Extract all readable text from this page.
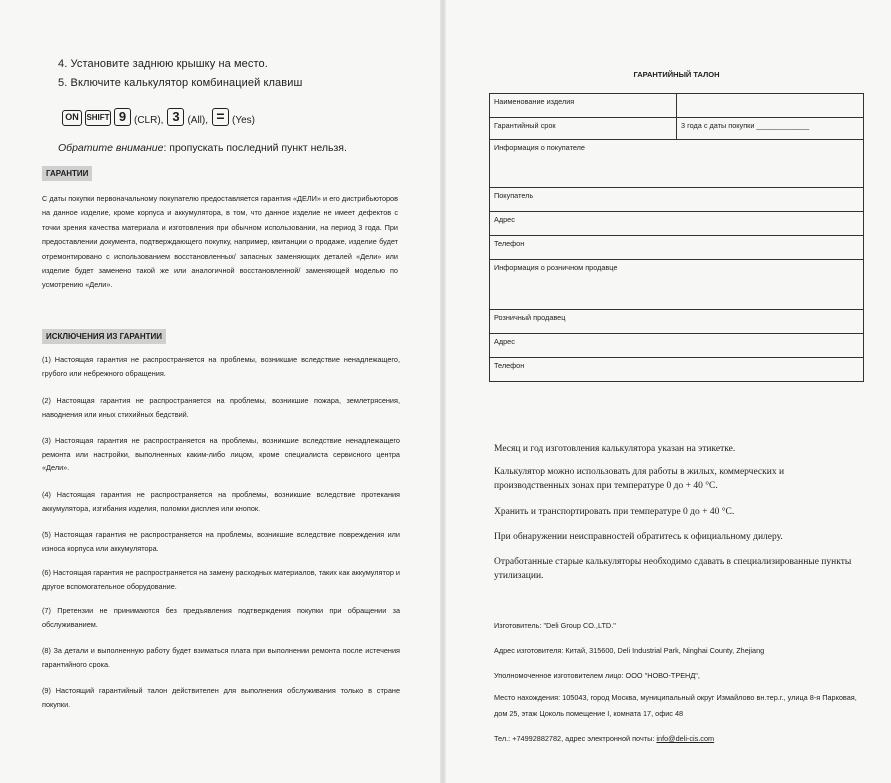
4. Установите заднюю крышку на место.
5. Включите калькулятор комбинацией клавиш
ON SHIFT 9 (CLR), 3 (All), = (Yes)
Обратите внимание: пропускать последний пункт нельзя.
ГАРАНТИИ
С даты покупки первоначальному покупателю предоставляется гарантия «ДЕЛИ» и его дистрибьюторов на данное изделие, кроме корпуса и аккумулятора, в том, что данное изделие не имеет дефектов с точки зрения качества материала и изготовления при обычном использовании, на период 3 года. При предоставлении документа, подтверждающего покупку, например, квитанции о продаже, изделие будет отремонтировано с использованием восстановленных/ запасных заменяющих деталей «Дели» или изделие будет заменено такой же или аналогичной восстановленной/ заменяющей моделью по усмотрению «Дели».
ИСКЛЮЧЕНИЯ ИЗ ГАРАНТИИ
(1) Настоящая гарантия не распространяется на проблемы, возникшие вследствие ненадлежащего, грубого или небрежного обращения.
(2) Настоящая гарантия не распространяется на проблемы, возникшие пожара, землетрясения, наводнения или иных стихийных бедствий.
(3) Настоящая гарантия не распространяется на проблемы, возникшие вследствие ненадлежащего ремонта или настройки, выполненных каким-либо лицом, кроме специалиста сервисного центра «Дели».
(4) Настоящая гарантия не распространяется на проблемы, возникшие вследствие протекания аккумулятора, изгибания изделия, поломки дисплея или кнопок.
(5) Настоящая гарантия не распространяется на проблемы, возникшие вследствие повреждения или износа корпуса или аккумулятора.
(6) Настоящая гарантия не распространяется на замену расходных материалов, таких как аккумулятор и другое вспомогательное оборудование.
(7) Претензии не принимаются без предъявления подтверждения покупки при обращении за обслуживанием.
(8) За детали и выполненную работу будет взиматься плата при выполнении ремонта после истечения гарантийного срока.
(9) Настоящий гарантийный талон действителен для выполнения обслуживания только в стране покупки.
ГАРАНТИЙНЫЙ ТАЛОН
Наименование изделия	
Гарантийный срок	3 года с даты покупки _____________
Информация о покупателе	
Покупатель	
Адрес	
Телефон	
Информация о розничном продавце	
Розничный продавец	
Адрес	
Телефон	
Месяц и год изготовления калькулятора указан на этикетке.
Калькулятор можно использовать для работы в жилых, коммерческих и производственных зонах при температуре 0 до + 40 °С.
Хранить и транспортировать при температуре 0 до + 40 °С.
При обнаружении неисправностей обратитесь к официальному дилеру.
Отработанные старые калькуляторы необходимо сдавать в специализированные пункты утилизации.
Изготовитель: "Deli Group CO.,LTD."
Адрес изготовителя: Китай, 315600, Deli Industrial Park, Ninghai County, Zhejiang
Уполномоченное изготовителем лицо: ООО "НОВО-ТРЕНД",
Место нахождения: 105043, город Москва, муниципальный округ Измайлово вн.тер.г., улица 8-я Парковая, дом 25, этаж Цоколь помещение I, комната 17, офис 48
Тел.: +74992882782, адрес электронной почты: info@deli-cis.com
